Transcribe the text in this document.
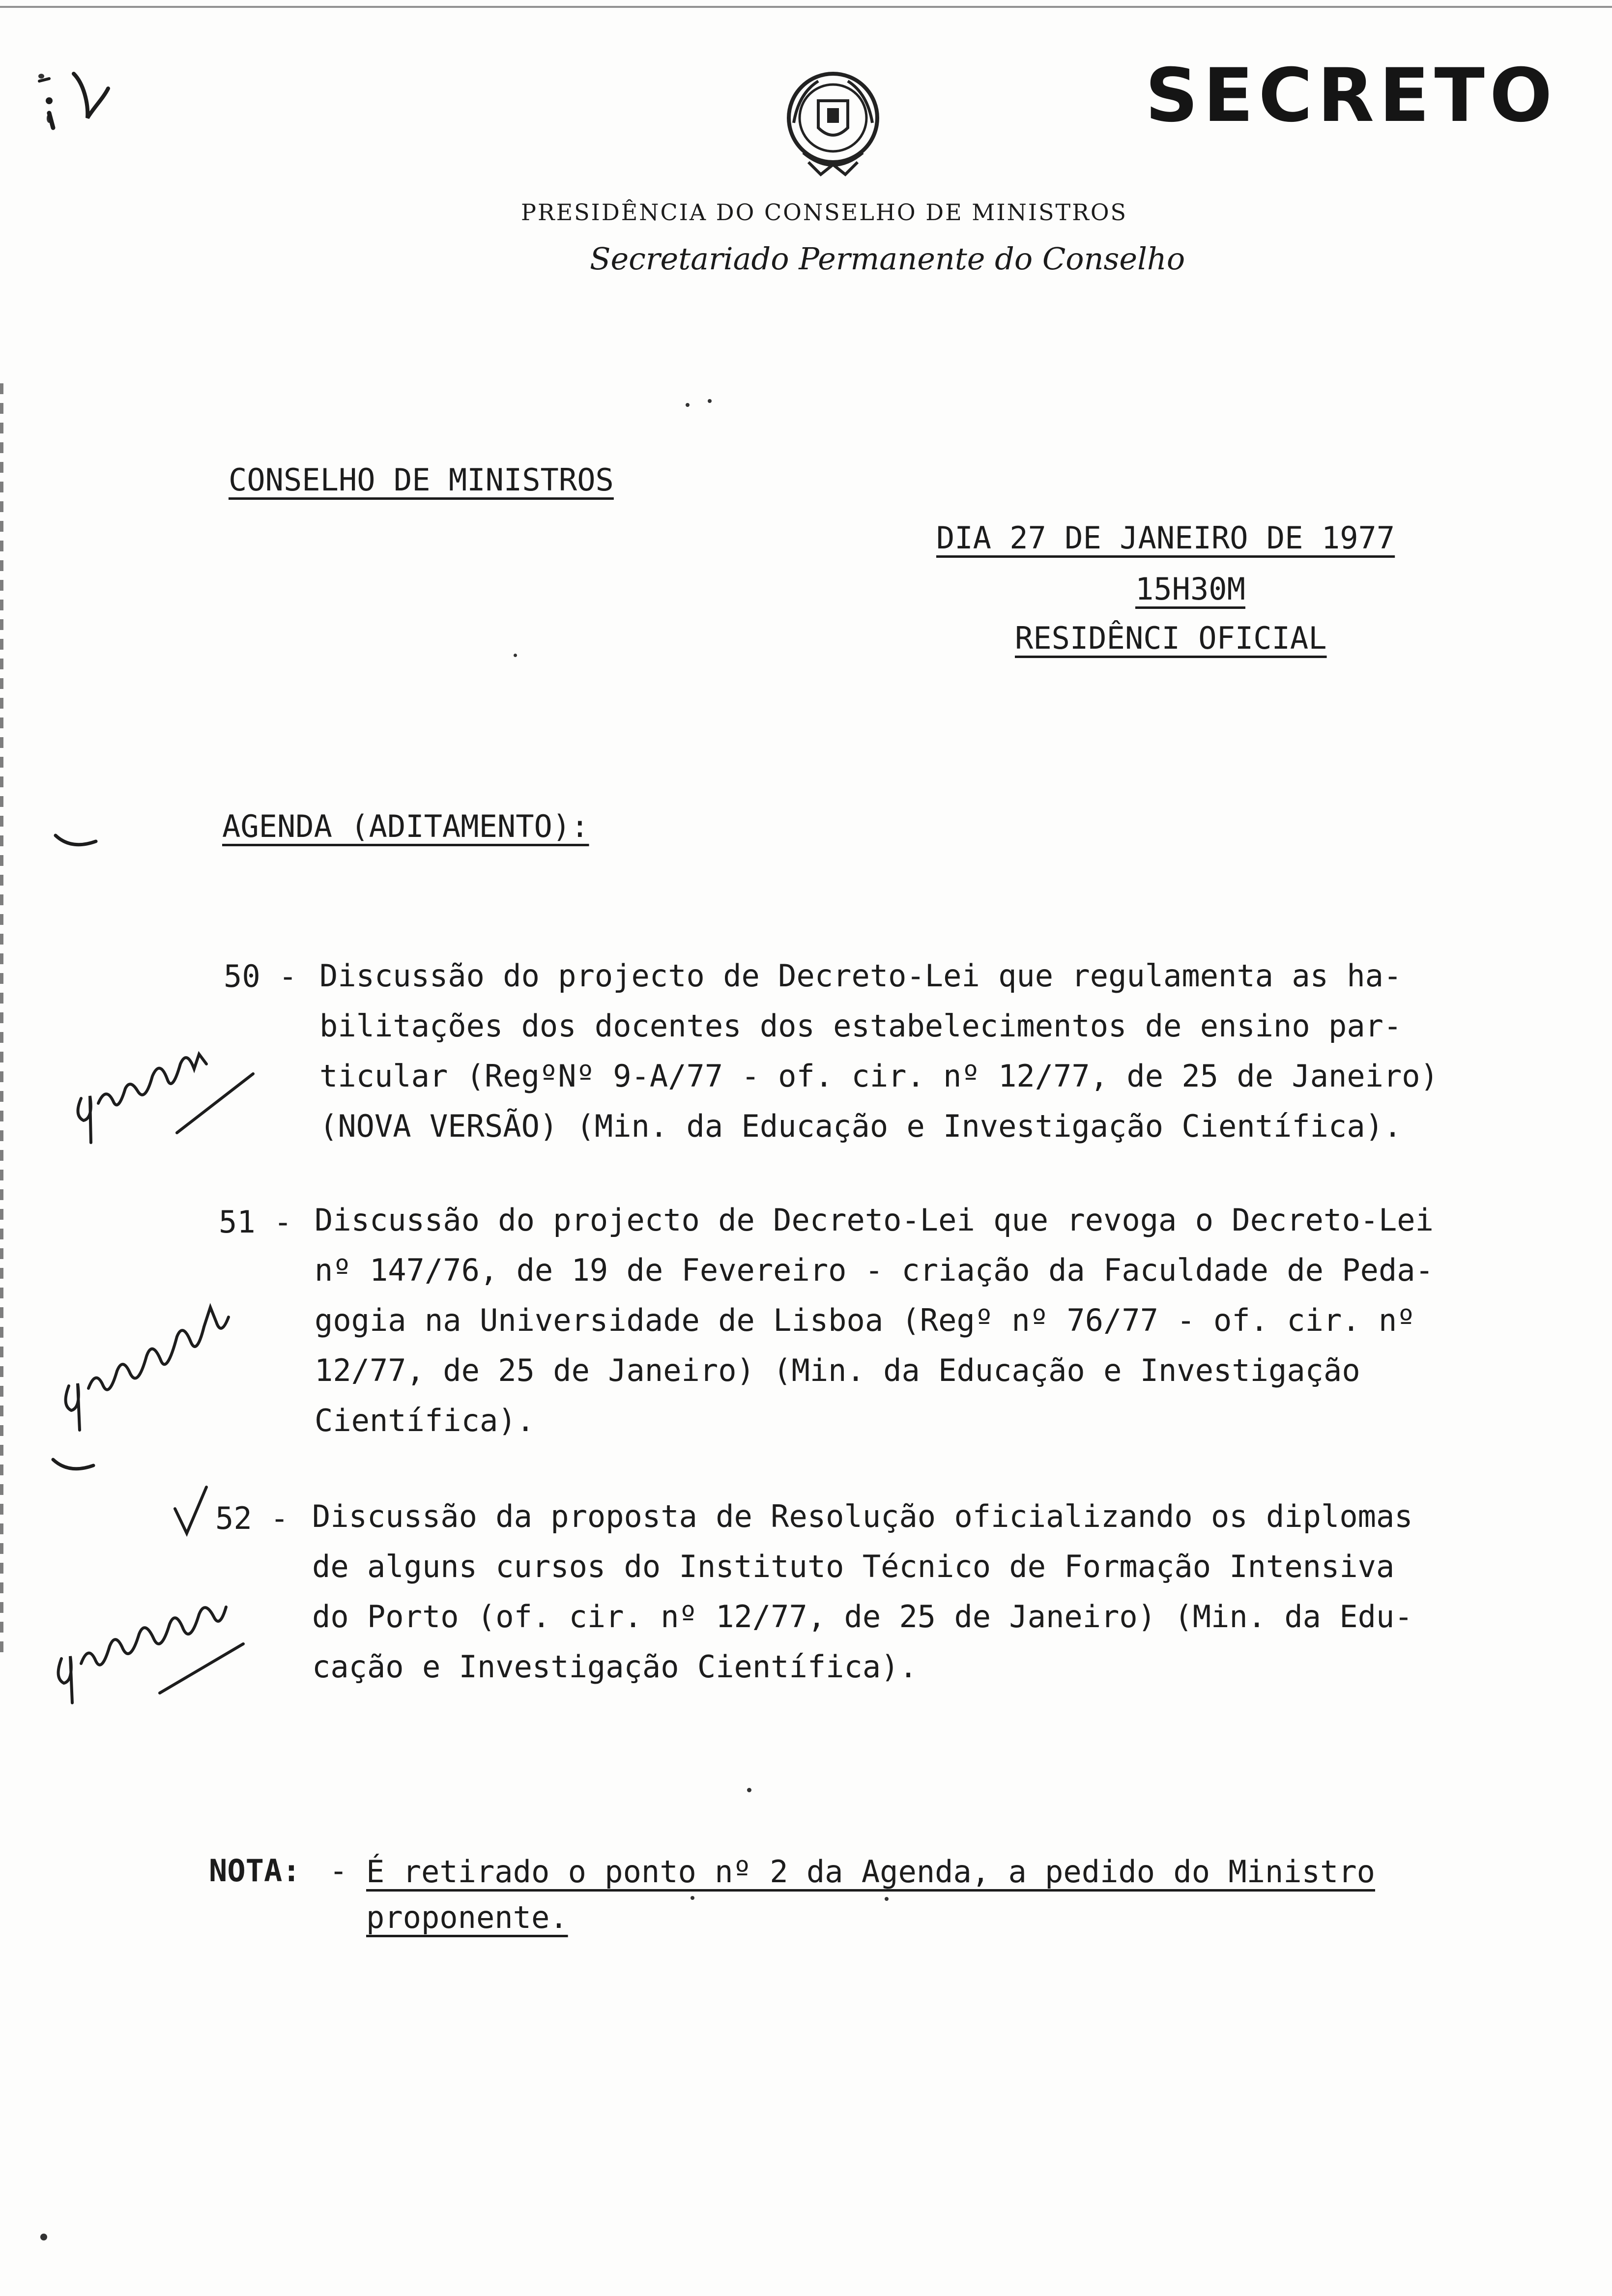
SECRETO
PRESIDÊNCIA DO CONSELHO DE MINISTROS
Secretariado Permanente do Conselho
CONSELHO DE MINISTROS
DIA 27 DE JANEIRO DE 1977
15H30M
RESIDÊNCI OFICIAL
AGENDA (ADITAMENTO):
50 - Discussão do projecto de Decreto-Lei que regulamenta as ha-
bilitações dos docentes dos estabelecimentos de ensino par-
ticular (RegºNº 9-A/77 - of. cir. nº 12/77, de 25 de Janeiro)
(NOVA VERSÃO) (Min. da Educação e Investigação Científica).
51 - Discussão do projecto de Decreto-Lei que revoga o Decreto-Lei
nº 147/76, de 19 de Fevereiro - criação da Faculdade de Peda-
gogia na Universidade de Lisboa (Regº nº 76/77 - of. cir. nº
12/77, de 25 de Janeiro) (Min. da Educação e Investigação
Científica).
52 - Discussão da proposta de Resolução oficializando os diplomas
de alguns cursos do Instituto Técnico de Formação Intensiva
do Porto (of. cir. nº 12/77, de 25 de Janeiro) (Min. da Edu-
cação e Investigação Científica).
NOTA: - É retirado o ponto nº 2 da Agenda, a pedido do Ministro
proponente.
